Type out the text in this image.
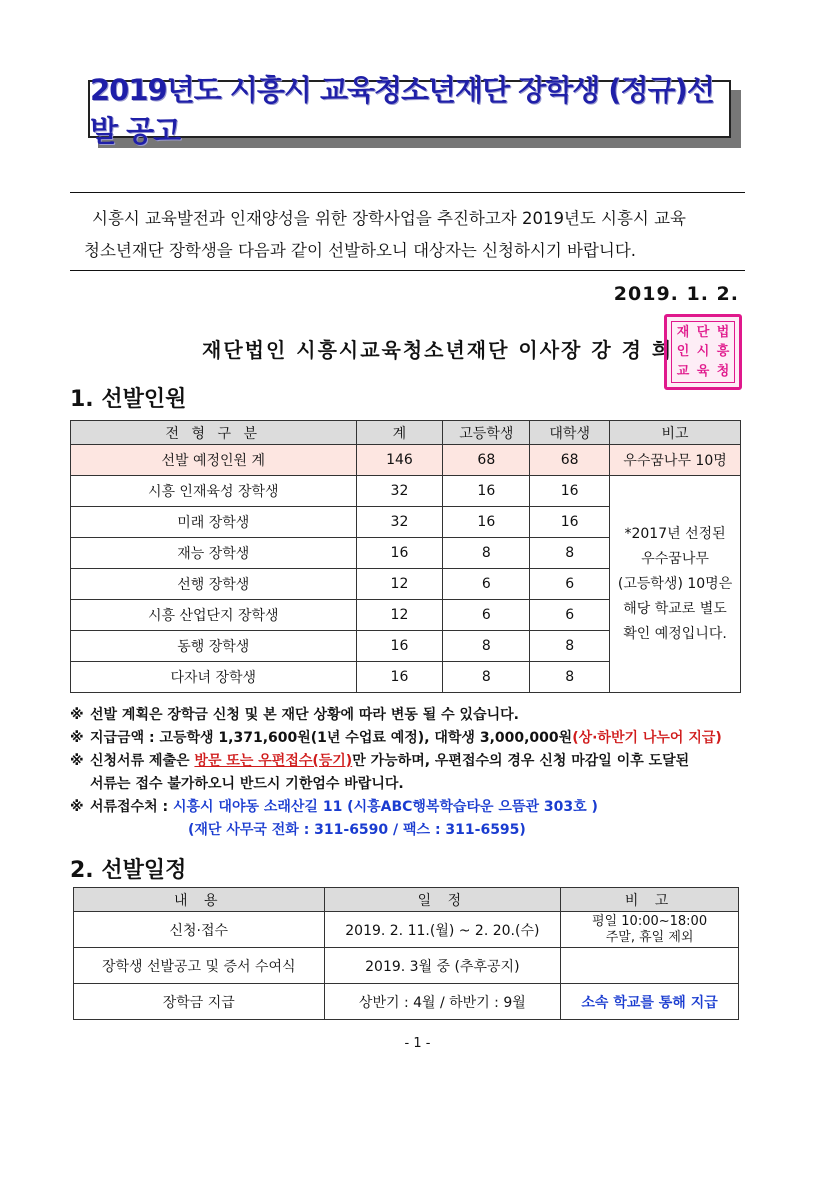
2019년도 시흥시 교육청소년재단 장학생 (정규)선발 공고

시흥시 교육발전과 인재양성을 위한 장학사업을 추진하고자 2019년도 시흥시 교육

청소년재단 장학생을 다음과 같이 선발하오니 대상자는 신청하시기 바랍니다.

2019. 1. 2.
재단법인 시흥시교육청소년재단 이사장 강 경 희
재 단 법
인 시 흥
교 육 청
1. 선발인원
전 형 구 분	계	고등학생	대학생	비고
선발 예정인원 계	146	68	68	우수꿈나무 10명
시흥 인재육성 장학생	32	16	16	*2017년 선정된
우수꿈나무
(고등학생) 10명은
해당 학교로 별도
확인 예정입니다.

미래 장학생	32	16	16	
재능 장학생	16	8	8	
선행 장학생	12	6	6	
시흥 산업단지 장학생	12	6	6	
동행 장학생	16	8	8	
다자녀 장학생	16	8	8	

※ 선발 계획은 장학금 신청 및 본 재단 상황에 따라 변동 될 수 있습니다.

※ 지급금액 : 고등학생 1,371,600원(1년 수업료 예정), 대학생 3,000,000원(상·하반기 나누어 지급)

※ 신청서류 제출은 방문 또는 우편접수(등기)만 가능하며, 우편접수의 경우 신청 마감일 이후 도달된

서류는 접수 불가하오니 반드시 기한엄수 바랍니다.

※ 서류접수처 : 시흥시 대야동 소래산길 11 (시흥ABC행복학습타운 으뜸관 303호 )

(재단 사무국 전화 : 311-6590 / 팩스 : 311-6595)

2. 선발일정
내 용	일 정	비 고
신청·접수	2019. 2. 11.(월) ~ 2. 20.(수)	평일 10:00~18:00
주말, 휴일 제외

장학생 선발공고 및 증서 수여식	2019. 3월 중 (추후공지)	
장학금 지급	상반기 : 4월 / 하반기 : 9월	소속 학교를 통해 지급
- 1 -
